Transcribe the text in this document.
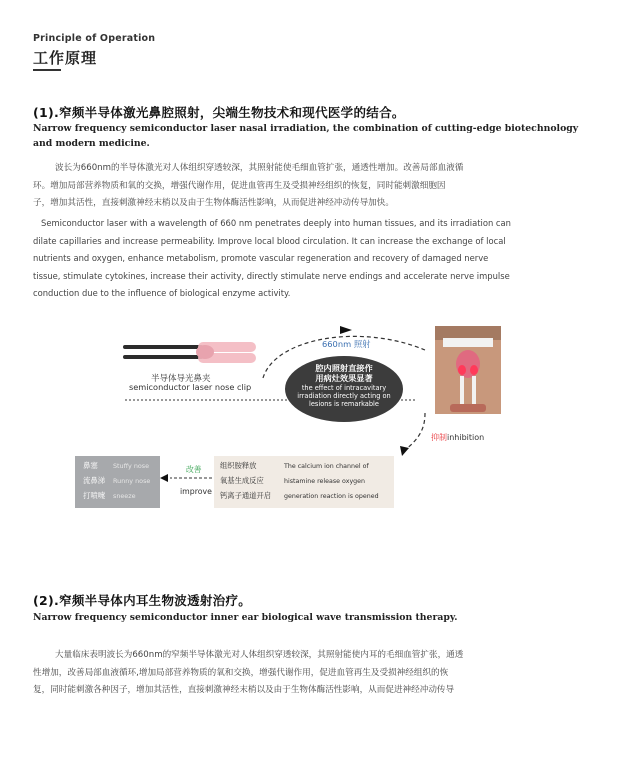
Principle of Operation
工作原理
(1).窄频半导体激光鼻腔照射，尖端生物技术和现代医学的结合。
Narrow frequency semiconductor laser nasal irradiation, the combination of cutting-edge biotechnology
and modern medicine.
波长为660nm的半导体激光对人体组织穿透较深，其照射能使毛细血管扩张，通透性增加。改善局部血液循
环。增加局部营养物质和氧的交换，增强代谢作用，促进血管再生及受损神经组织的恢复，同时能刺激细胞因
子，增加其活性，直接刺激神经末梢以及由于生物体酶活性影响，从而促进神经冲动传导加快。
Semiconductor laser with a wavelength of 660 nm penetrates deeply into human tissues, and its irradiation can
dilate capillaries and increase permeability. Improve local blood circulation. It can increase the exchange of local
nutrients and oxygen, enhance metabolism, promote vascular regeneration and recovery of damaged nerve
tissue, stimulate cytokines, increase their activity, directly stimulate nerve endings and accelerate nerve impulse
conduction due to the influence of biological enzyme activity.
半导体导光鼻夹
semiconductor laser nose clip
660nm 照射
腔内照射直接作
用病灶效果显著
the effect of intracavitary
irradiation directly acting on
lesions is remarkable
抑制inhibition
改善
improve
鼻塞 Stuffy nose
流鼻涕 Runny nose
打喷嚏 sneeze
组织胺释放	The calcium ion channel of
氧基生成反应	histamine release oxygen
钙离子通道开启 generation reaction is opened
(2).窄频半导体内耳生物波透射治疗。
Narrow frequency semiconductor inner ear biological wave transmission therapy.
大量临床表明波长为660nm的窄频半导体激光对人体组织穿透较深，其照射能使内耳的毛细血管扩张，通透
性增加，改善局部血液循环,增加局部营养物质的氧和交换，增强代谢作用，促进血管再生及受损神经组织的恢
复，同时能刺激各种因子，增加其活性，直接刺激神经末梢以及由于生物体酶活性影响，从而促进神经冲动传导
